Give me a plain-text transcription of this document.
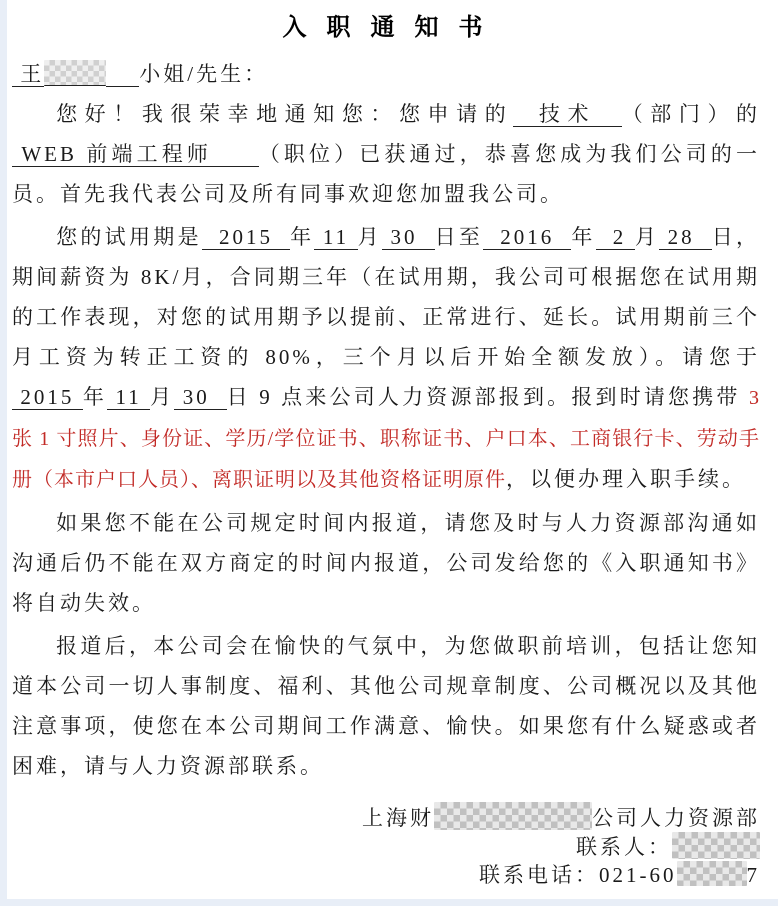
入 职 通 知 书

王	小姐/先生：

您好！我很荣幸地通知您：您申请的  技术  （部门）的 WEB 前端工程师     （职位）已获通过，恭喜您成为我们公司的一员。首先我代表公司及所有同事欢迎您加盟我公司。

您的试用期是  2015  年 11 月 30  日至  2016  年  2 月 28  日，期间薪资为 8K/月，合同期三年（在试用期，我公司可根据您在试用期的工作表现，对您的试用期予以提前、正常进行、延长。试用期前三个月工资为转正工资的 80%，三个月以后开始全额发放）。请您于 2015 年 11 月 30  日 9 点来公司人力资源部报到。报到时请您携带 3 张 1 寸照片、身份证、学历/学位证书、职称证书、户口本、工商银行卡、劳动手册（本市户口人员）、离职证明以及其他资格证明原件，以便办理入职手续。

如果您不能在公司规定时间内报道，请您及时与人力资源部沟通如沟通后仍不能在双方商定的时间内报道，公司发给您的《入职通知书》将自动失效。

报道后，本公司会在愉快的气氛中，为您做职前培训，包括让您知道本公司一切人事制度、福利、其他公司规章制度、公司概况以及其他注意事项，使您在本公司期间工作满意、愉快。如果您有什么疑惑或者困难，请与人力资源部联系。

上海财	公司人力资源部

联系人：

联系电话：021-60	7
